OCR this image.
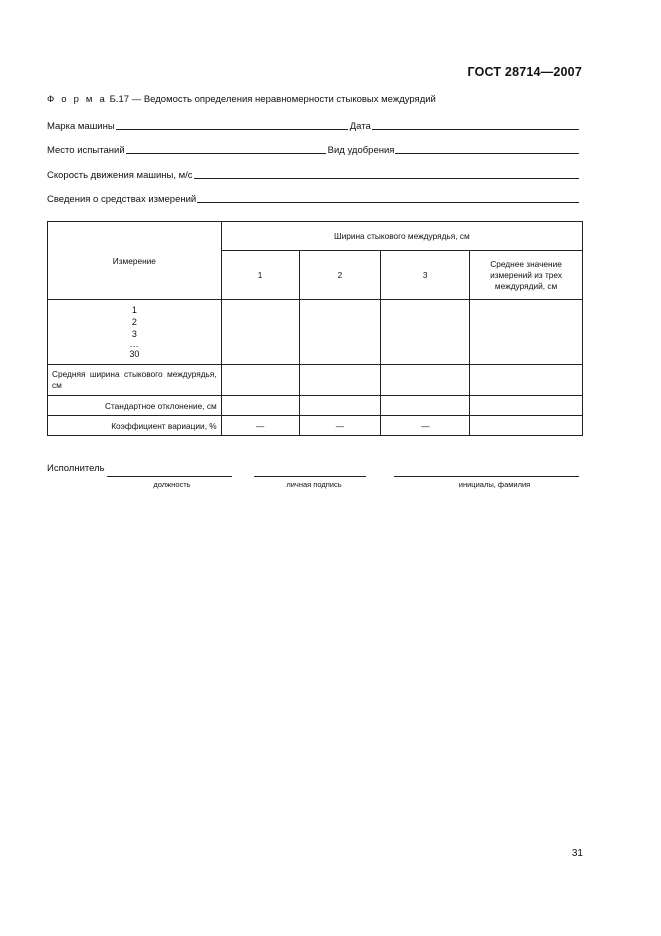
ГОСТ 28714—2007
Ф о р м а Б.17 — Ведомость определения неравномерности стыковых междурядий
Марка машины	Дата
Место испытаний	Вид удобрения
Скорость движения машины, м/с
Сведения о средствах измерений
Измерение	Ширина стыкового междурядья, см			
	1	2	3	Среднее значение измерений из трех междурядий, см

1
2
3
...
30				

Средняя ширина стыкового междурядья, см				
Стандартное отклонение, см				
Коэффициент вариации, %	—	—	—	
Исполнитель
должность	личная подпись	инициалы, фамилия
31
